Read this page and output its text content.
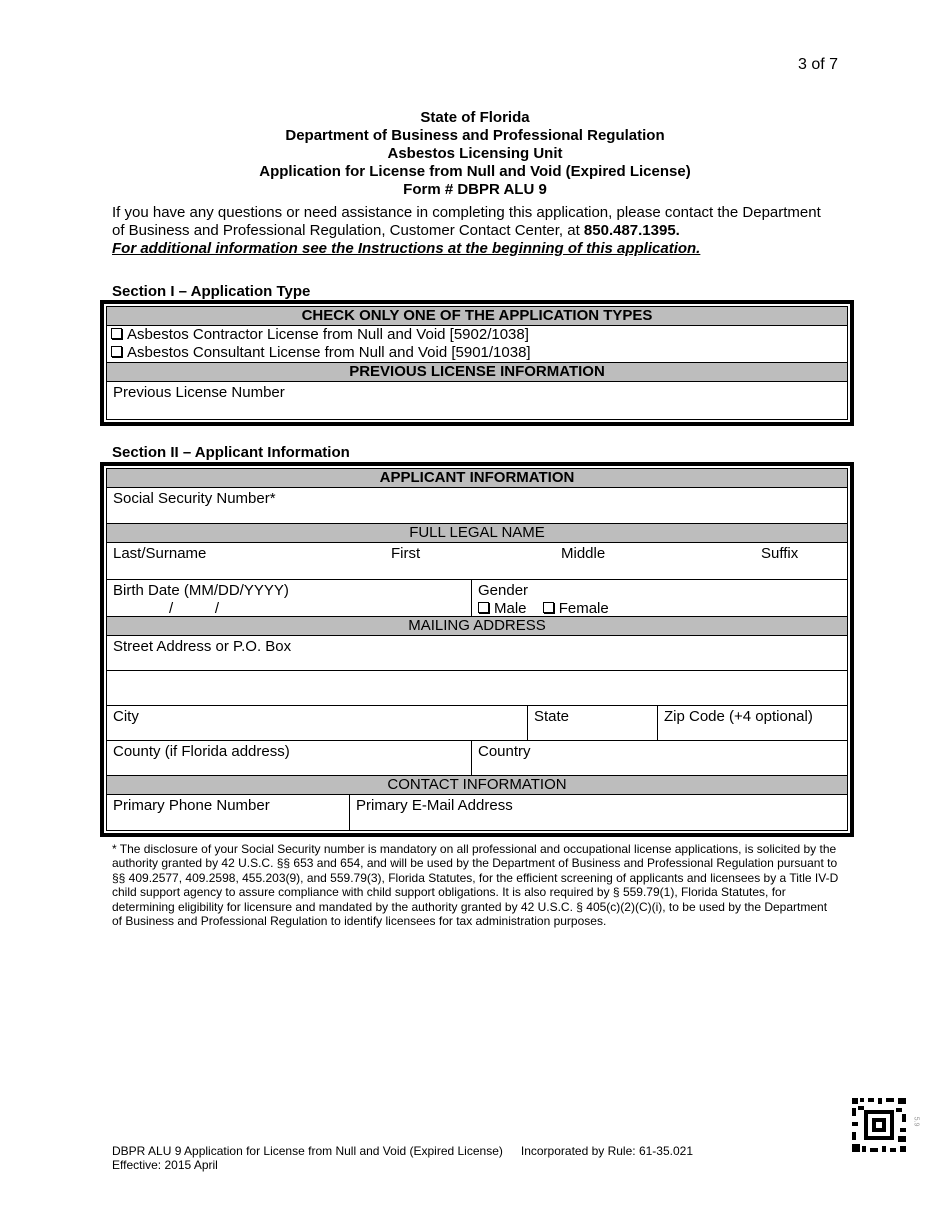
3 of 7
State of Florida
Department of Business and Professional Regulation
Asbestos Licensing Unit
Application for License from Null and Void (Expired License)
Form # DBPR ALU 9
If you have any questions or need assistance in completing this application, please contact the Department of Business and Professional Regulation, Customer Contact Center, at 850.487.1395.
For additional information see the Instructions at the beginning of this application.
Section I – Application Type
CHECK ONLY ONE OF THE APPLICATION TYPES
Asbestos Contractor License from Null and Void [5902/1038]
Asbestos Consultant License from Null and Void [5901/1038]
PREVIOUS LICENSE INFORMATION
Previous License Number
Section II – Applicant Information
APPLICANT INFORMATION
Social Security Number*
FULL LEGAL NAME
Last/Surname	First	Middle	Suffix
Birth Date (MM/DD/YYYY)
/          /
Gender
Male Female
MAILING ADDRESS
Street Address or P.O. Box
City	State	Zip Code (+4 optional)
County (if Florida address)	Country
CONTACT INFORMATION
Primary Phone Number	Primary E-Mail Address
* The disclosure of your Social Security number is mandatory on all professional and occupational license applications, is solicited by the authority granted by 42 U.S.C. §§ 653 and 654, and will be used by the Department of Business and Professional Regulation pursuant to §§ 409.2577, 409.2598, 455.203(9), and 559.79(3), Florida Statutes, for the efficient screening of applicants and licensees by a Title IV-D child support agency to assure compliance with child support obligations. It is also required by § 559.79(1), Florida Statutes, for determining eligibility for licensure and mandated by the authority granted by 42 U.S.C. § 405(c)(2)(C)(i), to be used by the Department of Business and Professional Regulation to identify licensees for tax administration purposes.
DBPR ALU 9 Application for License from Null and Void (Expired License) Incorporated by Rule: 61-35.021
Effective: 2015 April
5.9
